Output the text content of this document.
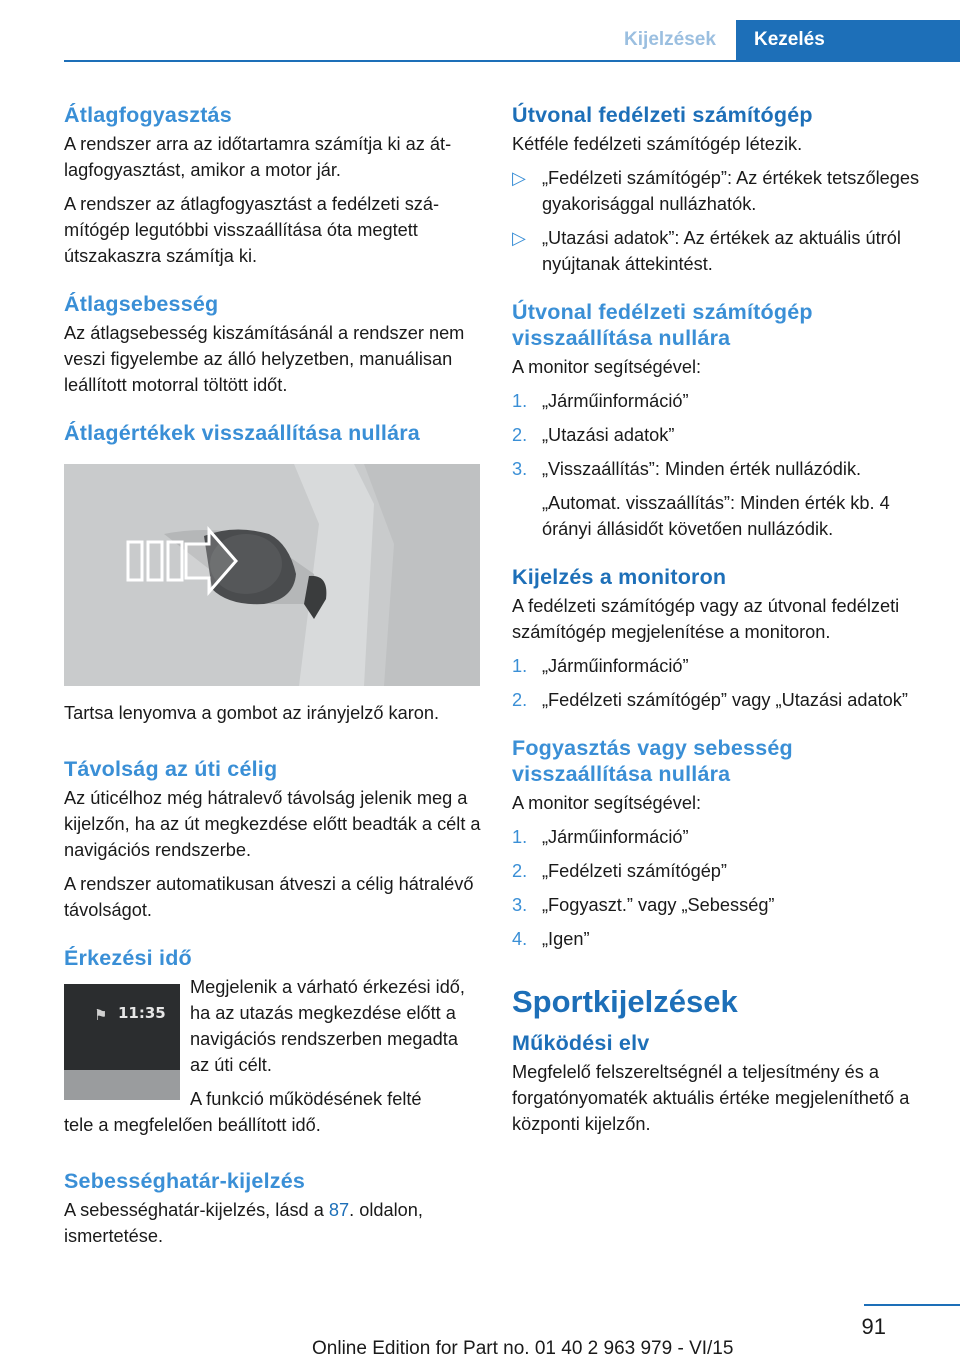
Kijelzések	Kezelés
Átlagfogyasztás

A rendszer arra az időtartamra számítja ki az átlagfogyasztást, amikor a motor jár.

A rendszer az átlagfogyasztást a fedélzeti számítógép legutóbbi visszaállítása óta megtett útszakaszra számítja ki.

Átlagsebesség

Az átlagsebesség kiszámításánál a rendszer nem veszi figyelembe az álló helyzetben, manuálisan leállított motorral töltött időt.

Átlagértékek visszaállítása nullára

Tartsa lenyomva a gombot az irányjelző karon.

Távolság az úti célig

Az úticélhoz még hátralevő távolság jelenik meg a kijelzőn, ha az út megkezdése előtt beadták a célt a navigációs rendszerbe.

A rendszer automatikusan átveszi a célig hátralévő távolságot.

Érkezési idő
⚑ 11:35

Megjelenik a várható érkezési idő, ha az utazás megkezdése előtt a navigációs rendszerben megadta az úti célt.

A funkció működésének felté

tele a megfelelően beállított idő.

Sebességhatár-kijelzés

A sebességhatár-kijelzés, lásd a 87. oldalon, ismertetése.

Útvonal fedélzeti számítógép

Kétféle fedélzeti számítógép létezik.

▷ „Fedélzeti számítógép”: Az értékek tetszőleges gyakorisággal nullázhatók.
▷ „Utazási adatok”: Az értékek az aktuális útról nyújtanak áttekintést.
Útvonal fedélzeti számítógép visszaállítása nullára

A monitor segítségével:

1. „Járműinformáció”
2. „Utazási adatok”
3. „Visszaállítás”: Minden érték nullázódik.
„Automat. visszaállítás”: Minden érték kb. 4 órányi állásidőt követően nullázódik.
Kijelzés a monitoron

A fedélzeti számítógép vagy az útvonal fedélzeti számítógép megjelenítése a monitoron.

1. „Járműinformáció”
2. „Fedélzeti számítógép” vagy „Utazási adatok”
Fogyasztás vagy sebesség visszaállítása nullára

A monitor segítségével:

1. „Járműinformáció”
2. „Fedélzeti számítógép”
3. „Fogyaszt.” vagy „Sebesség”
4. „Igen”
Sportkijelzések
Működési elv

Megfelelő felszereltségnél a teljesítmény és a forgatónyomaték aktuális értéke megjeleníthető a központi kijelzőn.

91
Online Edition for Part no. 01 40 2 963 979 - VI/15
